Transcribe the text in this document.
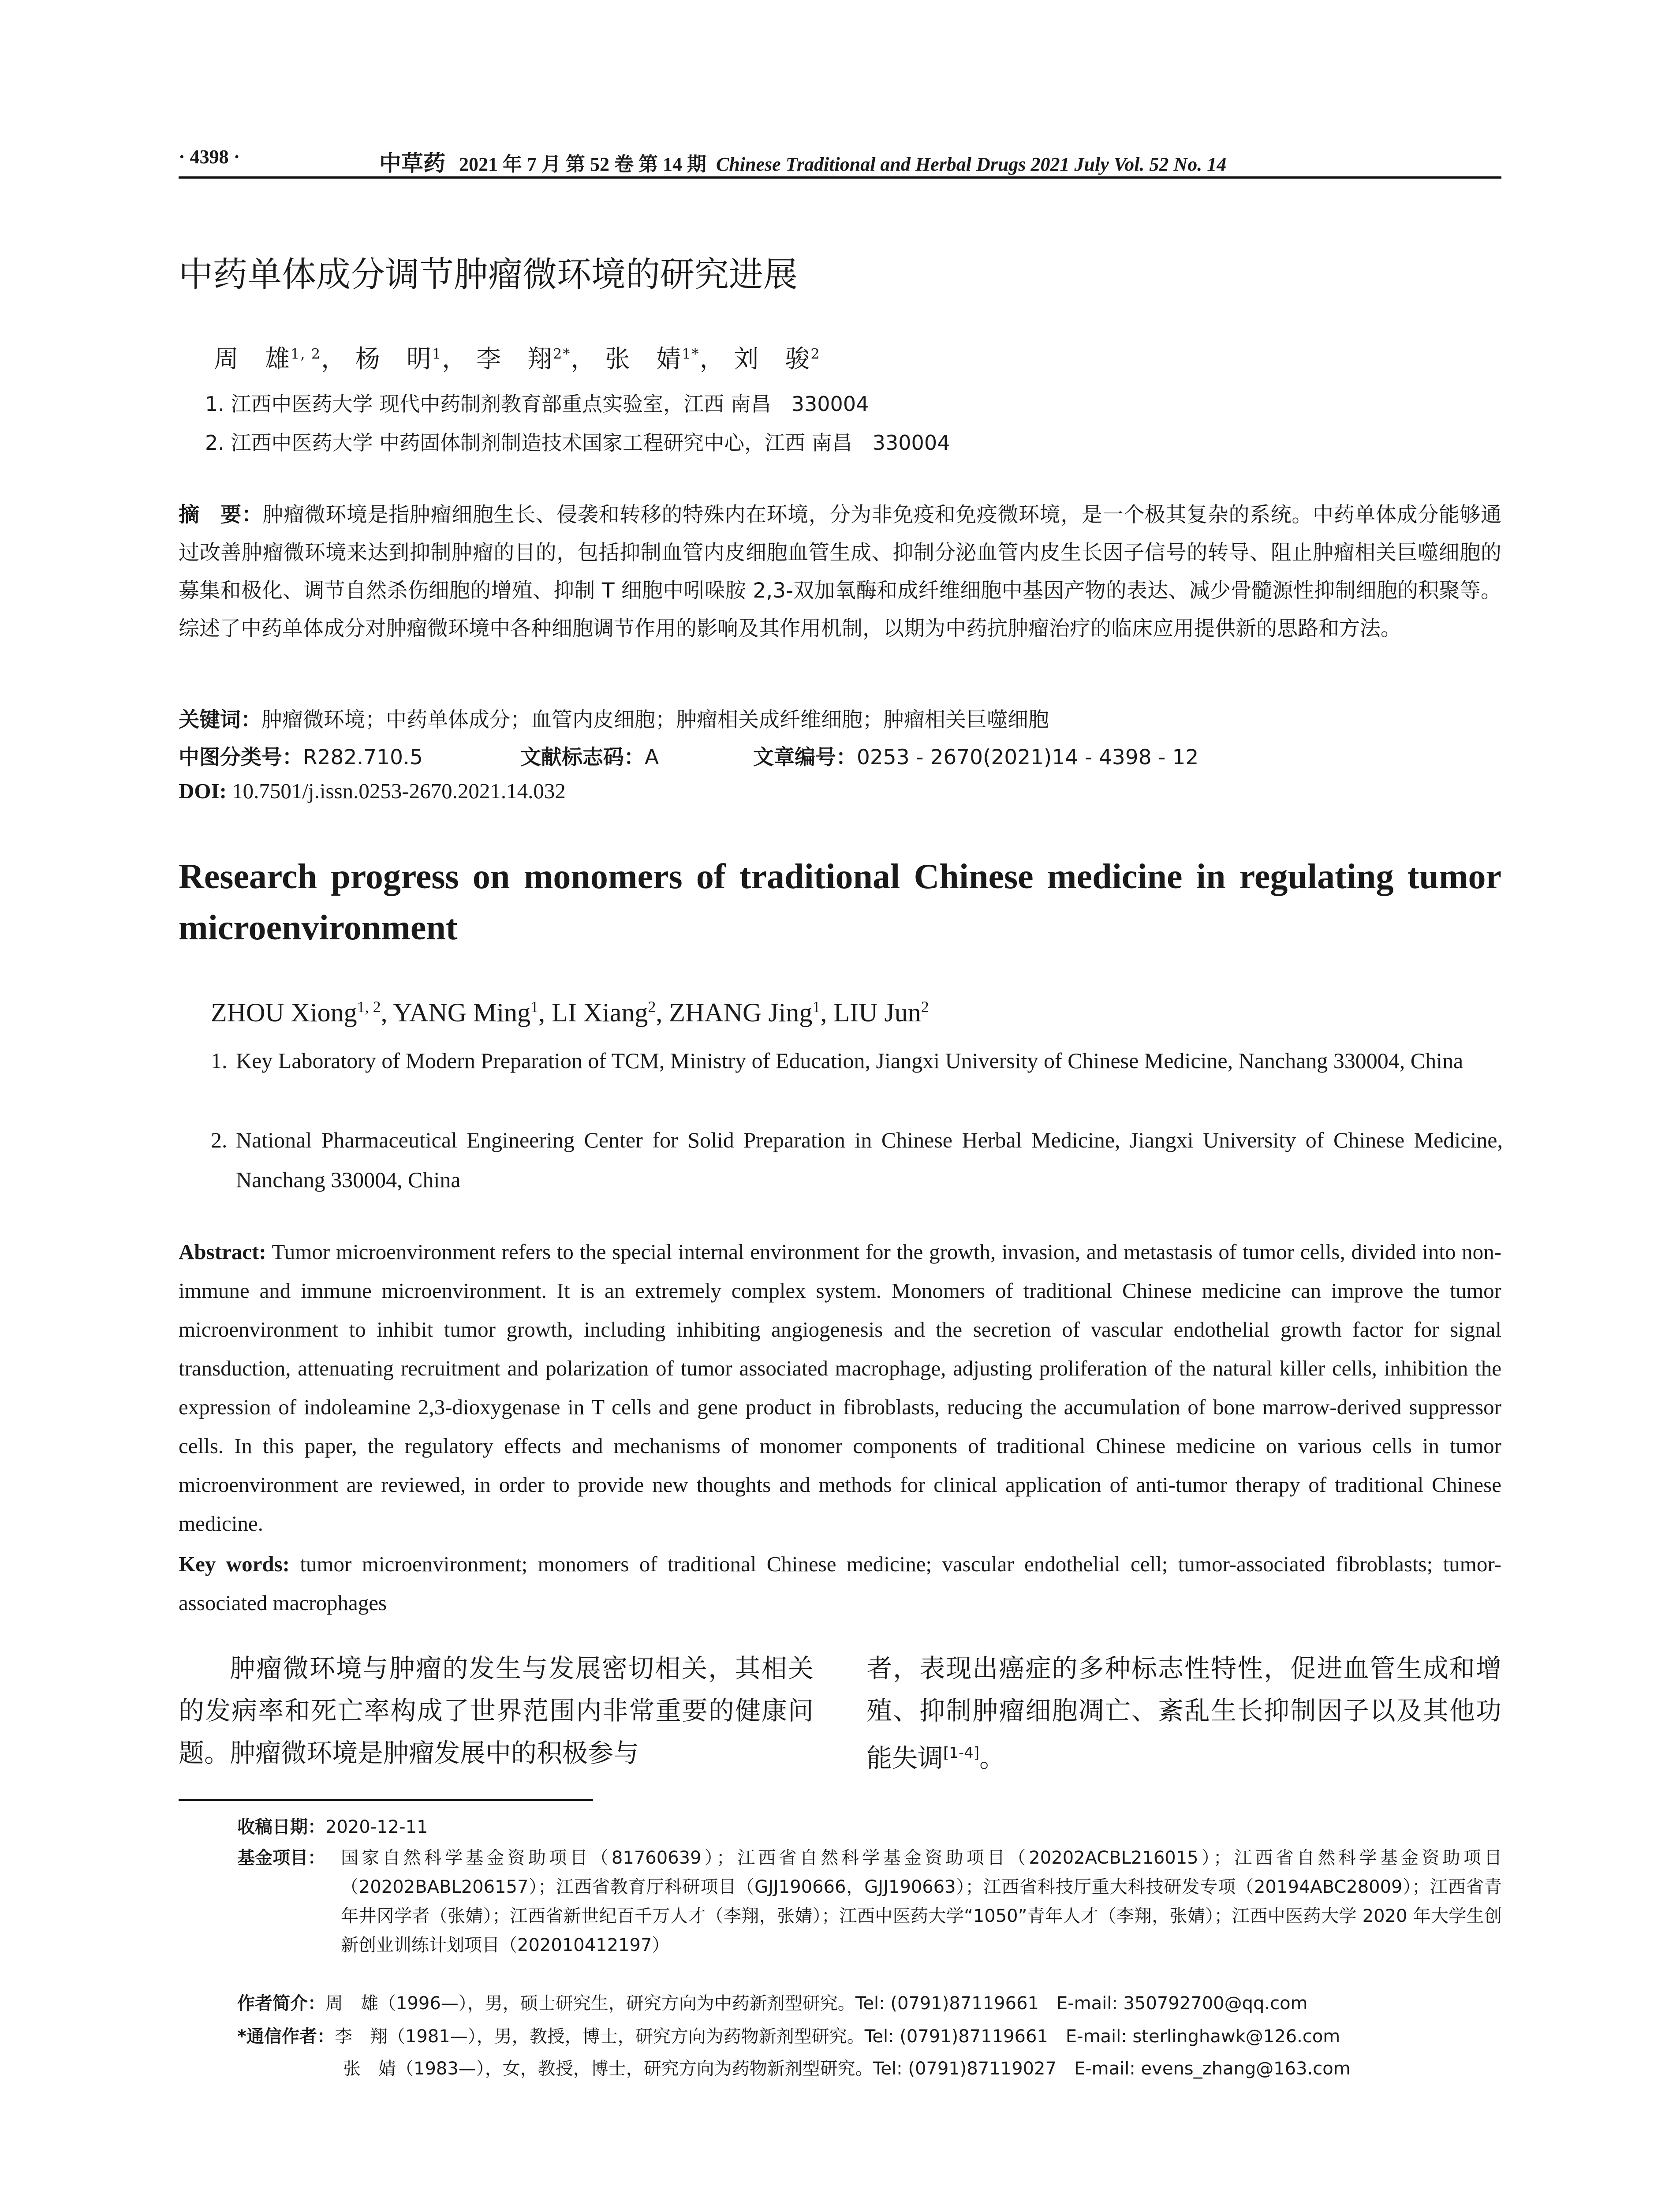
· 4398 ·	中草药 2021 年 7 月 第 52 卷 第 14 期 Chinese Traditional and Herbal Drugs 2021 July Vol. 52 No. 14
中药单体成分调节肿瘤微环境的研究进展
周　雄$^{1, 2}$， 杨　明$^1$， 李　翔$^{2*}$， 张　婧$^{1*}$， 刘　骏$^2$
1. 江西中医药大学 现代中药制剂教育部重点实验室，江西 南昌　330004
2. 江西中医药大学 中药固体制剂制造技术国家工程研究中心，江西 南昌　330004
摘　要：肿瘤微环境是指肿瘤细胞生长、侵袭和转移的特殊内在环境，分为非免疫和免疫微环境，是一个极其复杂的系统。中药单体成分能够通过改善肿瘤微环境来达到抑制肿瘤的目的，包括抑制血管内皮细胞血管生成、抑制分泌血管内皮生长因子信号的转导、阻止肿瘤相关巨噬细胞的募集和极化、调节自然杀伤细胞的增殖、抑制 T 细胞中吲哚胺 2,3-双加氧酶和成纤维细胞中基因产物的表达、减少骨髓源性抑制细胞的积聚等。综述了中药单体成分对肿瘤微环境中各种细胞调节作用的影响及其作用机制，以期为中药抗肿瘤治疗的临床应用提供新的思路和方法。
关键词：肿瘤微环境；中药单体成分；血管内皮细胞；肿瘤相关成纤维细胞；肿瘤相关巨噬细胞
中图分类号：R282.710.5	文献标志码：A	文章编号：0253 - 2670(2021)14 - 4398 - 12
DOI: 10.7501/j.issn.0253-2670.2021.14.032
Research progress on monomers of traditional Chinese medicine in regulating tumor microenvironment
ZHOU Xiong$^{1, 2}$, YANG Ming$^1$, LI Xiang$^2$, ZHANG Jing$^1$, LIU Jun$^2$
1. Key Laboratory of Modern Preparation of TCM, Ministry of Education, Jiangxi University of Chinese Medicine, Nanchang 330004, China
2. National Pharmaceutical Engineering Center for Solid Preparation in Chinese Herbal Medicine, Jiangxi University of Chinese Medicine, Nanchang 330004, China
Abstract: Tumor microenvironment refers to the special internal environment for the growth, invasion, and metastasis of tumor cells, divided into non-immune and immune microenvironment. It is an extremely complex system. Monomers of traditional Chinese medicine can improve the tumor microenvironment to inhibit tumor growth, including inhibiting angiogenesis and the secretion of vascular endothelial growth factor for signal transduction, attenuating recruitment and polarization of tumor associated macrophage, adjusting proliferation of the natural killer cells, inhibition the expression of indoleamine 2,3-dioxygenase in T cells and gene product in fibroblasts, reducing the accumulation of bone marrow-derived suppressor cells. In this paper, the regulatory effects and mechanisms of monomer components of traditional Chinese medicine on various cells in tumor microenvironment are reviewed, in order to provide new thoughts and methods for clinical application of anti-tumor therapy of traditional Chinese medicine.
Key words: tumor microenvironment; monomers of traditional Chinese medicine; vascular endothelial cell; tumor-associated fibroblasts; tumor-associated macrophages
肿瘤微环境与肿瘤的发生与发展密切相关，其相关的发病率和死亡率构成了世界范围内非常重要的健康问题。肿瘤微环境是肿瘤发展中的积极参与
者，表现出癌症的多种标志性特性，促进血管生成和增殖、抑制肿瘤细胞凋亡、紊乱生长抑制因子以及其他功能失调[1-4]。
收稿日期：2020-12-11
基金项目： 国家自然科学基金资助项目（81760639）；江西省自然科学基金资助项目（20202ACBL216015）；江西省自然科学基金资助项目（20202BABL206157）；江西省教育厅科研项目（GJJ190666，GJJ190663）；江西省科技厅重大科技研发专项（20194ABC28009）；江西省青年井冈学者（张婧）；江西省新世纪百千万人才（李翔，张婧）；江西中医药大学“1050”青年人才（李翔，张婧）；江西中医药大学 2020 年大学生创新创业训练计划项目（202010412197）
作者简介：周　雄（1996—），男，硕士研究生，研究方向为中药新剂型研究。Tel: (0791)87119661　E-mail: 350792700@qq.com
*通信作者：李　翔（1981—），男，教授，博士，研究方向为药物新剂型研究。Tel: (0791)87119661　E-mail: sterlinghawk@126.com
张　婧（1983—），女，教授，博士，研究方向为药物新剂型研究。Tel: (0791)87119027　E-mail: evens_zhang@163.com
